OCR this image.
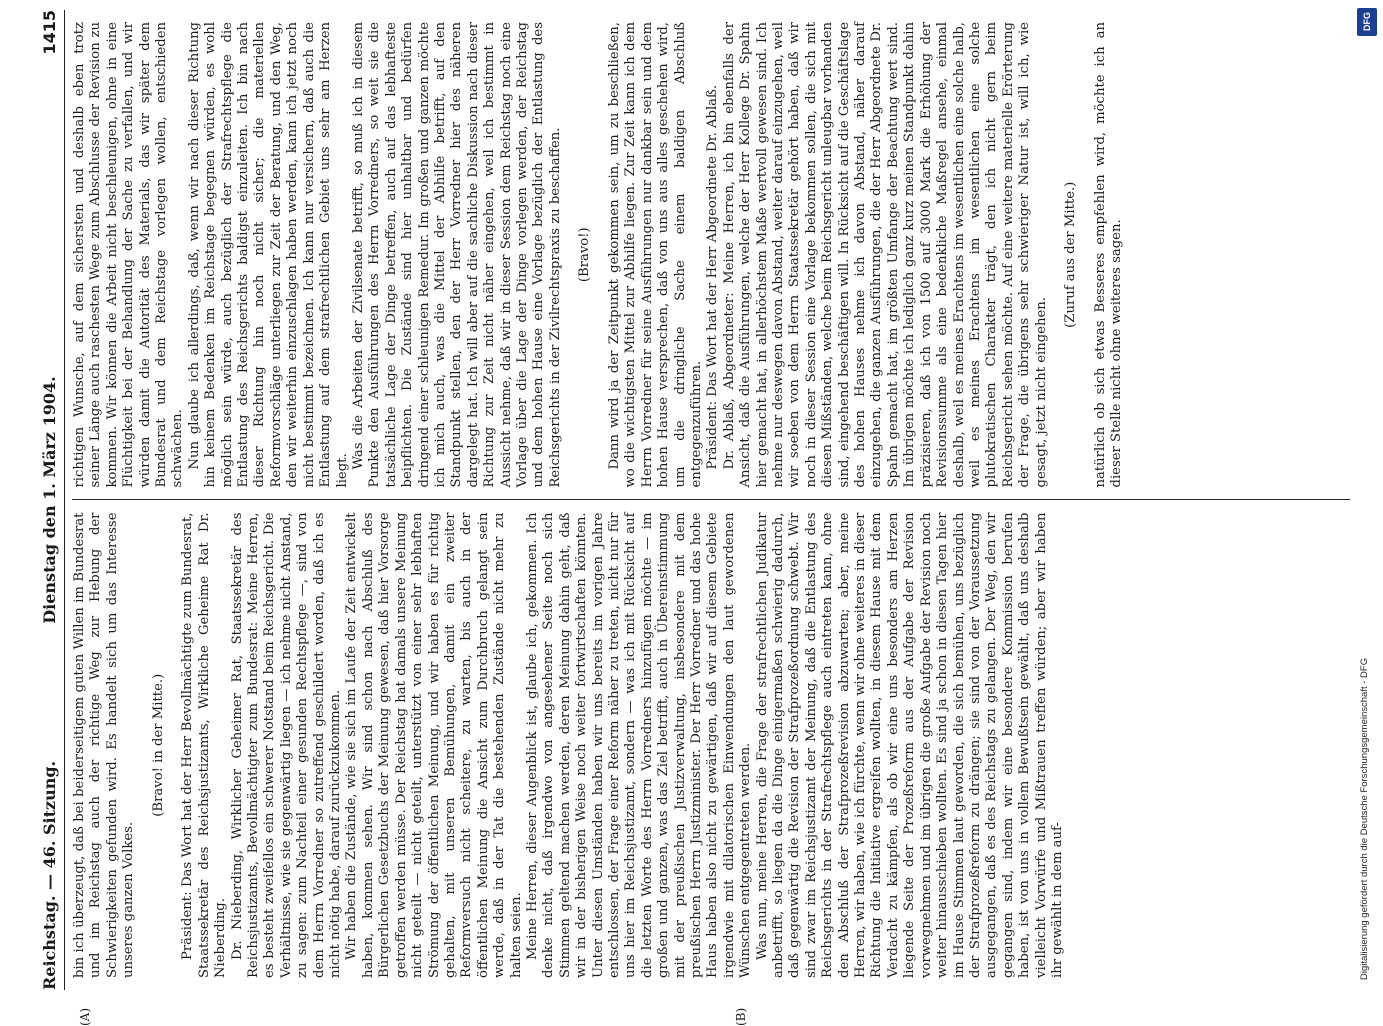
Reichstag. — 46. Sitzung.
Dienstag den 1. März 1904.
1415
(A)	(B)

bin ich überzeugt, daß bei beiderseitigem guten Willen im Bundesrat und im Reichstag auch der richtige Weg zur Hebung der Schwierigkeiten gefunden wird. Es handelt sich um das Interesse unseres ganzen Volkes.

(Bravo! in der Mitte.) Präsident: Das Wort hat der Herr Bevollmächtigte zum Bundesrat, Staatssekretär des Reichsjustizamts, Wirkliche Geheime Rat Dr. Nieberding. Dr. Nieberding, Wirklicher Geheimer Rat, Staatssekretär des Reichsjustizamts, Bevollmächtigter zum Bundesrat: Meine Herren, es besteht zweifellos ein schwerer Notstand beim Reichsgericht. Die Verhältnisse, wie sie gegenwärtig liegen — ich nehme nicht Anstand, zu sagen: zum Nachteil einer gesunden Rechtspflege —, sind von dem Herrn Vorredner so zutreffend geschildert worden, daß ich es nicht nötig habe, darauf zurückzukommen. Wir haben die Zustände, wie sie sich im Laufe der Zeit entwickelt haben, kommen sehen. Wir sind schon nach Abschluß des Bürgerlichen Gesetzbuchs der Meinung gewesen, daß hier Vorsorge getroffen werden müsse. Der Reichstag hat damals unsere Meinung nicht geteilt — nicht geteilt, unterstützt von einer sehr lebhaften Strömung der öffentlichen Meinung, und wir haben es für richtig gehalten, mit unseren Bemühungen, damit ein zweiter Reformversuch nicht scheitere, zu warten, bis auch in der öffentlichen Meinung die Ansicht zum Durchbruch gelangt sein werde, daß in der Tat die bestehenden Zustände nicht mehr zu halten seien. Meine Herren, dieser Augenblick ist, glaube ich, gekommen. Ich denke nicht, daß irgendwo von angesehener Seite noch sich Stimmen geltend machen werden, deren Meinung dahin geht, daß wir in der bisherigen Weise noch weiter fortwirtschaften könnten. Unter diesen Umständen haben wir uns bereits im vorigen Jahre entschlossen, der Frage einer Reform näher zu treten, nicht nur für uns hier im Reichsjustizamt, sondern — was ich mit Rücksicht auf die letzten Worte des Herrn Vorredners hinzufügen möchte — im großen und ganzen, was das Ziel betrifft, auch in Übereinstimmung mit der preußischen Justizverwaltung, insbesondere mit dem preußischen Herrn Justizminister. Der Herr Vorredner und das hohe Haus haben also nicht zu gewärtigen, daß wir auf diesem Gebiete irgendwie mit dilatorischen Einwendungen den laut gewordenen Wünschen entgegentreten werden. Was nun, meine Herren, die Frage der strafrechtlichen Judikatur anbetrifft, so liegen da die Dinge einigermaßen schwierig dadurch, daß gegenwärtig die Revision der Strafprozeßordnung schwebt. Wir sind zwar im Reichsjustizamt der Meinung, daß die Entlastung des Reichsgerichts in der Strafrechtspflege auch eintreten kann, ohne den Abschluß der Strafprozeßrevision abzuwarten; aber, meine Herren, wir haben, wie ich fürchte, wenn wir ohne weiteres in dieser Richtung die Initiative ergreifen wollten, in diesem Hause mit dem Verdacht zu kämpfen, als ob wir eine uns besonders am Herzen liegende Seite der Prozeßreform aus der Aufgabe der Revision vorwegnehmen und im übrigen die große Aufgabe der Revision noch weiter hinausschieben wollten. Es sind ja schon in diesen Tagen hier im Hause Stimmen laut geworden, die sich bemühen, uns bezüglich der Strafprozeßreform zu drängen; sie sind von der Voraussetzung ausgegangen, daß es des Reichstags zu gelangen. Der Weg, den wir gegangen sind, indem wir eine besondere Kommission berufen haben, ist von uns in vollem Bewußtsein gewählt, daß uns deshalb vielleicht Vorwürfe und Mißtrauen treffen würden; aber wir haben ihr gewählt in dem auf-

richtigen Wunsche, auf dem sichersten und deshalb eben trotz seiner Länge auch raschesten Wege zum Abschlusse der Revision zu kommen. Wir können die Arbeit nicht beschleunigen, ohne in eine Flüchtigkeit bei der Behandlung der Sache zu verfallen, und wir würden damit die Autorität des Materials, das wir später dem Bundesrat und dem Reichstage vorlegen wollen, entschieden schwächen. Nun glaube ich allerdings, daß, wenn wir nach dieser Richtung hin keinem Bedenken im Reichstage begegnen würden, es wohl möglich sein würde, auch bezüglich der Strafrechtspflege die Entlastung des Reichsgerichts baldigst einzuleiten. Ich bin nach dieser Richtung hin noch nicht sicher; die materiellen Reformvorschläge unterliegen zur Zeit der Beratung, und den Weg, den wir weiterhin einzuschlagen haben werden, kann ich jetzt noch nicht bestimmt bezeichnen. Ich kann nur versichern, daß auch die Entlastung auf dem strafrechtlichen Gebiet uns sehr am Herzen liegt.

Was die Arbeiten der Zivilsenate betrifft, so muß ich in diesem Punkte den Ausführungen des Herrn Vorredners, so weit sie die tatsächliche Lage der Dinge betreffen, auch auf das lebhafteste beipflichten. Die Zustände sind hier unhaltbar und bedürfen dringend einer schleunigen Remedur. Im großen und ganzen möchte ich mich auch, was die Mittel der Abhilfe betrifft, auf den Standpunkt stellen, den der Herr Vorredner hier des näheren dargelegt hat. Ich will aber auf die sachliche Diskussion nach dieser Richtung zur Zeit nicht näher eingehen, weil ich bestimmt in Aussicht nehme, daß wir in dieser Session dem Reichstag noch eine Vorlage über die Lage der Dinge vorlegen werden, der Reichstag und dem hohen Hause eine Vorlage bezüglich der Entlastung des Reichsgerichts in der Zivilrechtspraxis zu beschaffen. (Bravo!) Dann wird ja der Zeitpunkt gekommen sein, um zu beschließen, wo die wichtigsten Mittel zur Abhilfe liegen. Zur Zeit kann ich dem Herrn Vorredner für seine Ausführungen nur dankbar sein und dem hohen Hause versprechen, daß von uns aus alles geschehen wird, um die dringliche Sache einem baldigen Abschluß entgegenzuführen. Präsident: Das Wort hat der Herr Abgeordnete Dr. Ablaß. Dr. Ablaß, Abgeordneter: Meine Herren, ich bin ebenfalls der Ansicht, daß die Ausführungen, welche der Herr Kollege Dr. Spahn hier gemacht hat, in allerhöchstem Maße wertvoll gewesen sind. Ich nehme nur deswegen davon Abstand, weiter darauf einzugehen, weil wir soeben von dem Herrn Staatssekretär gehört haben, daß wir noch in dieser Session eine Vorlage bekommen sollen, die sich mit diesen Mißständen, welche beim Reichsgericht unleugbar vorhanden sind, eingehend beschäftigen will. In Rücksicht auf die Geschäftslage des hohen Hauses nehme ich davon Abstand, näher darauf einzugehen, die ganzen Ausführungen, die der Herr Abgeordnete Dr. Spahn gemacht hat, im größten Umfange der Beachtung wert sind. Im übrigen möchte ich lediglich ganz kurz meinen Standpunkt dahin präzisieren, daß ich von 1500 auf 3000 Mark die Erhöhung der Revisionssumme als eine bedenkliche Maßregel ansehe, einmal deshalb, weil es meines Erachtens im wesentlichen eine solche halb, weil es meines Erachtens im wesentlichen eine solche plutokratischen Charakter trägt, den ich nicht gern beim Reichsgericht sehen möchte. Auf eine weitere materielle Erörterung der Frage, die übrigens sehr schwieriger Natur ist, will ich, wie gesagt, jetzt nicht eingehen.

(Zuruf aus der Mitte.) natürlich ob sich etwas Besseres empfehlen wird, möchte ich an dieser Stelle nicht ohne weiteres sagen.

DFG
Digitalisierung gefördert durch die Deutsche Forschungsgemeinschaft - DFG
